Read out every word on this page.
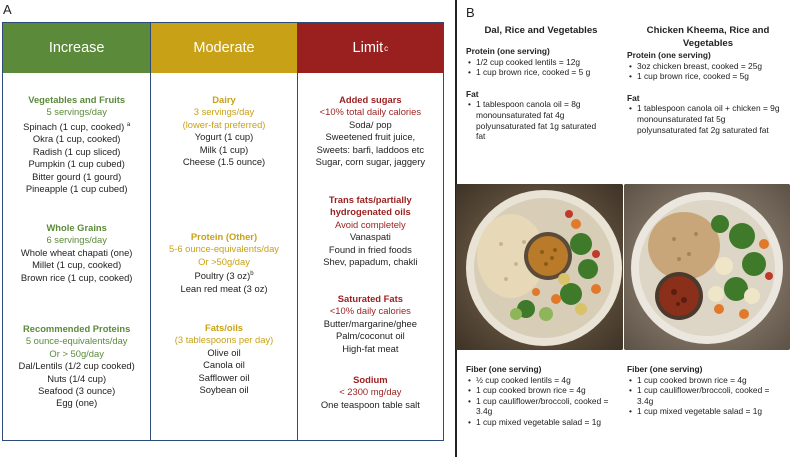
A
Increase
Vegetables and Fruits
5 servings/day
Spinach (1 cup, cooked) $^a$
Okra (1 cup, cooked)
Radish (1 cup sliced)
Pumpkin (1 cup cubed)
Bitter gourd (1 gourd)
Pineapple (1 cup cubed)
Whole Grains
6 servings/day
Whole wheat chapati (one)
Millet (1 cup, cooked)
Brown rice (1 cup, cooked)
Recommended Proteins
5 ounce-equivalents/day
Or > 50g/day
Dal/Lentils (1/2 cup cooked)
Nuts (1/4 cup)
Seafood (3 ounce)
Egg (one)
Moderate
Dairy
3 servings/day
(lower-fat preferred)
Yogurt (1 cup)
Milk (1 cup)
Cheese (1.5 ounce)
Protein (Other)
5-6 ounce-equivalents/day
Or >50g/day
Poultry (3 oz)$^b$
Lean red meat (3 oz)
Fats/oils
(3 tablespoons per day)
Olive oil
Canola oil
Safflower oil
Soybean oil
Limit c
Added sugars
<10% total daily calories
Soda/ pop
Sweetened fruit juice,
Sweets: barfi, laddoos etc
Sugar, corn sugar, jaggery
Trans fats/partially hydrogenated oils
Avoid completely
Vanaspati
Found in fried foods
Shev, papadum, chakli
Saturated Fats
<10% daily calories
Butter/margarine/ghee
Palm/coconut oil
High-fat meat
Sodium
< 2300 mg/day
One teaspoon table salt
B
Dal, Rice and Vegetables
Protein (one serving)
• 1/2 cup cooked lentils = 12g
• 1 cup brown rice, cooked = 5 g
Fat
• 1 tablespoon canola oil = 8g monounsaturated fat 4g polyunsaturated fat 1g saturated fat
Chicken Kheema, Rice and Vegetables
Protein (one serving)
• 3oz chicken breast, cooked = 25g
• 1 cup brown rice, cooked = 5g
Fat
• 1 tablespoon canola oil + chicken = 9g monounsaturated fat 5g polyunsaturated fat 2g saturated fat
Fiber (one serving)
• ½ cup cooked lentils = 4g
• 1 cup cooked brown rice = 4g
• 1 cup cauliflower/broccoli, cooked = 3.4g
• 1 cup mixed vegetable salad = 1g
Fiber (one serving)
• 1 cup cooked brown rice = 4g
• 1 cup cauliflower/broccoli, cooked = 3.4g
• 1 cup mixed vegetable salad = 1g
